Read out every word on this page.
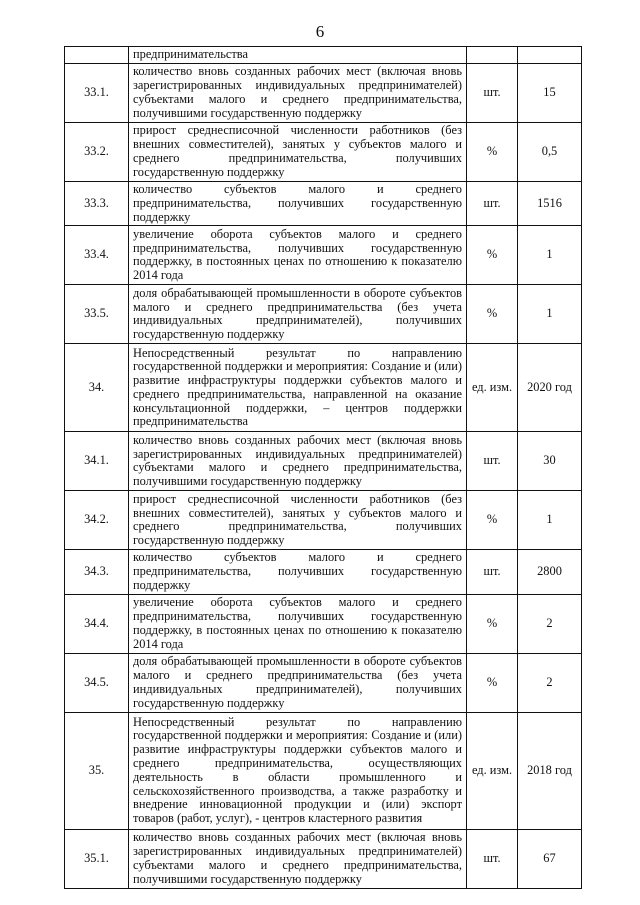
6
	предпринимательства		
33.1.	количество вновь созданных рабочих мест (включая вновь зарегистрированных индивидуальных предпринимателей) субъектами малого и среднего предпринимательства, получившими государственную поддержку	шт.	15
33.2.	прирост среднесписочной численности работников (без внешних совместителей), занятых у субъектов малого и среднего предпринимательства, получивших государственную поддержку	%	0,5
33.3.	количество субъектов малого и среднего предпринимательства, получивших государственную поддержку	шт.	1516
33.4.	увеличение оборота субъектов малого и среднего предпринимательства, получивших государственную поддержку, в постоянных ценах по отношению к показателю 2014 года	%	1
33.5.	доля обрабатывающей промышленности в обороте субъектов малого и среднего предпринимательства (без учета индивидуальных предпринимателей), получивших государственную поддержку	%	1
34.	Непосредственный результат по направлению государственной поддержки и мероприятия: Создание и (или) развитие инфраструктуры поддержки субъектов малого и среднего предпринимательства, направленной на оказание консультационной поддержки, – центров поддержки предпринимательства	ед. изм.	2020 год
34.1.	количество вновь созданных рабочих мест (включая вновь зарегистрированных индивидуальных предпринимателей) субъектами малого и среднего предпринимательства, получившими государственную поддержку	шт.	30
34.2.	прирост среднесписочной численности работников (без внешних совместителей), занятых у субъектов малого и среднего предпринимательства, получивших государственную поддержку	%	1
34.3.	количество субъектов малого и среднего предпринимательства, получивших государственную поддержку	шт.	2800
34.4.	увеличение оборота субъектов малого и среднего предпринимательства, получивших государственную поддержку, в постоянных ценах по отношению к показателю 2014 года	%	2
34.5.	доля обрабатывающей промышленности в обороте субъектов малого и среднего предпринимательства (без учета индивидуальных предпринимателей), получивших государственную поддержку	%	2
35.	Непосредственный результат по направлению государственной поддержки и мероприятия: Создание и (или) развитие инфраструктуры поддержки субъектов малого и среднего предпринимательства, осуществляющих деятельность в области промышленного и сельскохозяйственного производства, а также разработку и внедрение инновационной продукции и (или) экспорт товаров (работ, услуг), - центров кластерного развития	ед. изм.	2018 год
35.1.	количество вновь созданных рабочих мест (включая вновь зарегистрированных индивидуальных предпринимателей) субъектами малого и среднего предпринимательства, получившими государственную поддержку	шт.	67
